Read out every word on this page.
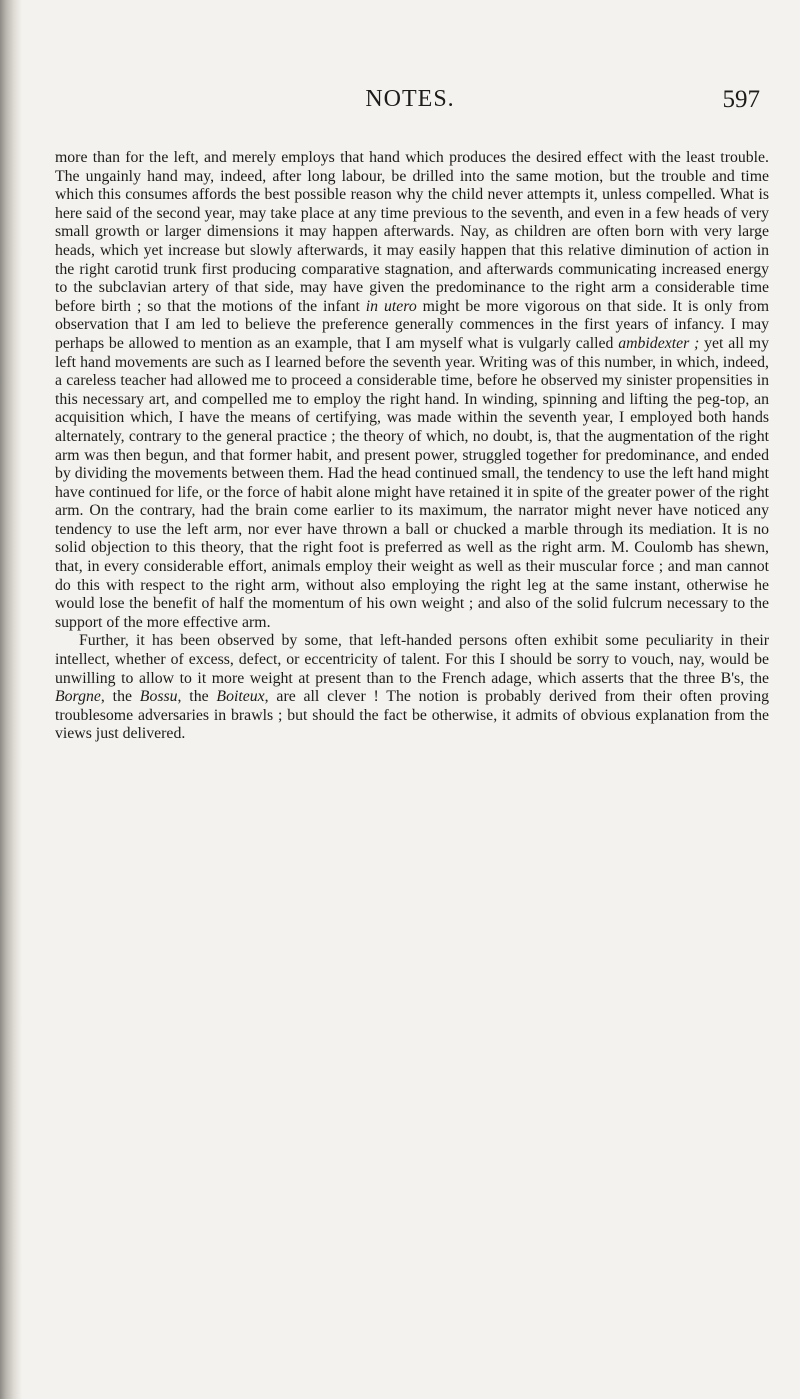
NOTES.	597

more than for the left, and merely employs that hand which produces the desired effect with the least trouble. The ungainly hand may, indeed, after long labour, be drilled into the same motion, but the trouble and time which this consumes affords the best possible reason why the child never attempts it, unless compelled. What is here said of the second year, may take place at any time previous to the seventh, and even in a few heads of very small growth or larger dimensions it may happen afterwards. Nay, as children are often born with very large heads, which yet increase but slowly afterwards, it may easily happen that this relative diminution of action in the right carotid trunk first producing comparative stagnation, and afterwards communicating increased energy to the subclavian artery of that side, may have given the predominance to the right arm a considerable time before birth ; so that the motions of the infant in utero might be more vigorous on that side. It is only from observation that I am led to believe the preference generally commences in the first years of infancy. I may perhaps be allowed to mention as an example, that I am myself what is vulgarly called ambidexter ; yet all my left hand movements are such as I learned before the seventh year. Writing was of this number, in which, indeed, a careless teacher had allowed me to proceed a considerable time, before he observed my sinister propensities in this necessary art, and compelled me to employ the right hand. In winding, spinning and lifting the peg-top, an acquisition which, I have the means of certifying, was made within the seventh year, I employed both hands alternately, contrary to the general practice ; the theory of which, no doubt, is, that the augmentation of the right arm was then begun, and that former habit, and present power, struggled together for predominance, and ended by dividing the movements between them. Had the head continued small, the tendency to use the left hand might have continued for life, or the force of habit alone might have retained it in spite of the greater power of the right arm. On the contrary, had the brain come earlier to its maximum, the narrator might never have noticed any tendency to use the left arm, nor ever have thrown a ball or chucked a marble through its mediation. It is no solid objection to this theory, that the right foot is preferred as well as the right arm. M. Coulomb has shewn, that, in every considerable effort, animals employ their weight as well as their muscular force ; and man cannot do this with respect to the right arm, without also employing the right leg at the same instant, otherwise he would lose the benefit of half the momentum of his own weight ; and also of the solid fulcrum necessary to the support of the more effective arm.

Further, it has been observed by some, that left-handed persons often exhibit some peculiarity in their intellect, whether of excess, defect, or eccentricity of talent. For this I should be sorry to vouch, nay, would be unwilling to allow to it more weight at present than to the French adage, which asserts that the three B's, the Borgne, the Bossu, the Boiteux, are all clever ! The notion is probably derived from their often proving troublesome adversaries in brawls ; but should the fact be otherwise, it admits of obvious explanation from the views just delivered.
